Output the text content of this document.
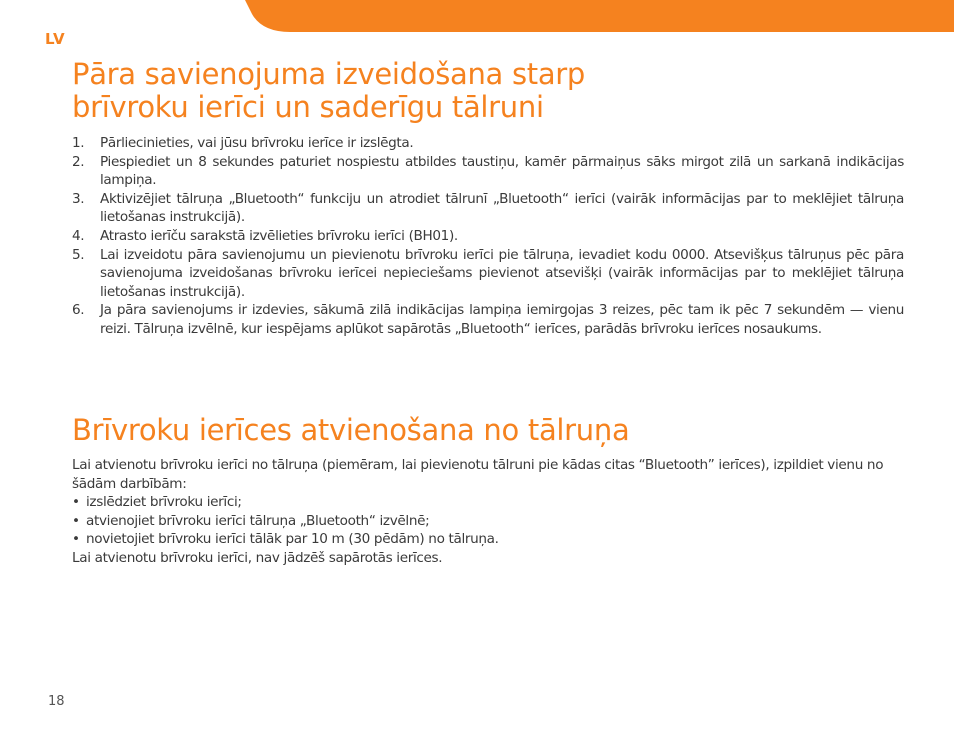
LV
Pāra savienojuma izveidošana starp
brīvroku ierīci un saderīgu tālruni
1. Pārliecinieties, vai jūsu brīvroku ierīce ir izslēgta.
2. Piespiediet un 8 sekundes paturiet nospiestu atbildes taustiņu, kamēr pārmaiņus sāks mirgot zilā un sarkanā indikācijas lampiņa.
3. Aktivizējiet tālruņa „Bluetooth“ funkciju un atrodiet tālrunī „Bluetooth“ ierīci (vairāk informācijas par to meklējiet tālruņa lietošanas instrukcijā).
4. Atrasto ierīču sarakstā izvēlieties brīvroku ierīci (BH01).
5. Lai izveidotu pāra savienojumu un pievienotu brīvroku ierīci pie tālruņa, ievadiet kodu 0000. Atsevišķus tālruņus pēc pāra savienojuma izveidošanas brīvroku ierīcei nepieciešams pievienot atsevišķi (vairāk informācijas par to meklējiet tālruņa lietošanas instrukcijā).
6. Ja pāra savienojums ir izdevies, sākumā zilā indikācijas lampiņa iemirgojas 3 reizes, pēc tam ik pēc 7 sekundēm — vienu reizi. Tālruņa izvēlnē, kur iespējams aplūkot sapārotās „Bluetooth“ ierīces, parādās brīvroku ierīces nosaukums.
Brīvroku ierīces atvienošana no tālruņa

Lai atvienotu brīvroku ierīci no tālruņa (piemēram, lai pievienotu tālruni pie kādas citas “Bluetooth” ierīces), izpildiet vienu no šādām darbībām:

• izslēdziet brīvroku ierīci;
• atvienojiet brīvroku ierīci tālruņa „Bluetooth“ izvēlnē;
• novietojiet brīvroku ierīci tālāk par 10 m (30 pēdām) no tālruņa.

Lai atvienotu brīvroku ierīci, nav jādzēš sapārotās ierīces.

18
